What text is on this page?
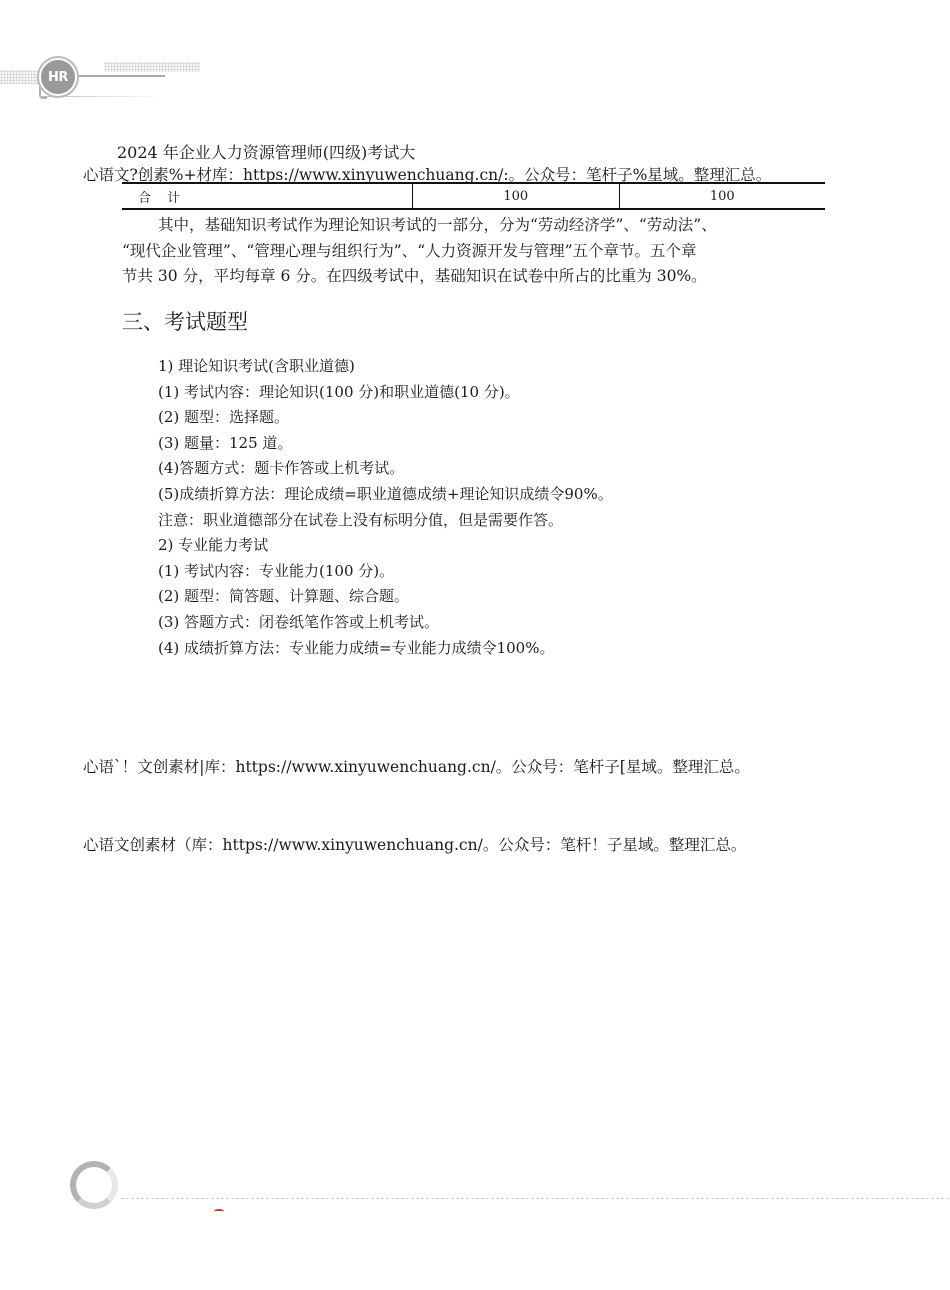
HR
2024 年企业人力资源管理师(四级)考试大
心语文?创素%+材库：https://www.xinyuwenchuang.cn/:。公众号：笔杆子%星域。整理汇总。
合 计	100	100
其中，基础知识考试作为理论知识考试的一部分，分为“劳动经济学”、“劳动法”、
“现代企业管理”、“管理心理与组织行为”、“人力资源开发与管理”五个章节。五个章
节共 30 分，平均每章 6 分。在四级考试中，基础知识在试卷中所占的比重为 30%。
三、考试题型
1) 理论知识考试(含职业道德)
(1) 考试内容：理论知识(100 分)和职业道德(10 分)。
(2) 题型：选择题。
(3) 题量：125 道。
(4)答题方式：题卡作答或上机考试。
(5)成绩折算方法：理论成绩=职业道德成绩+理论知识成绩令90%。
注意：职业道德部分在试卷上没有标明分值，但是需要作答。
2) 专业能力考试
(1) 考试内容：专业能力(100 分)。
(2) 题型：简答题、计算题、综合题。
(3) 答题方式：闭卷纸笔作答或上机考试。
(4) 成绩折算方法：专业能力成绩=专业能力成绩令100%。
心语`！文创素材|库：https://www.xinyuwenchuang.cn/。公众号：笔杆子[星域。整理汇总。
心语文创素材（库：https://www.xinyuwenchuang.cn/。公众号：笔杆！子星域。整理汇总。
